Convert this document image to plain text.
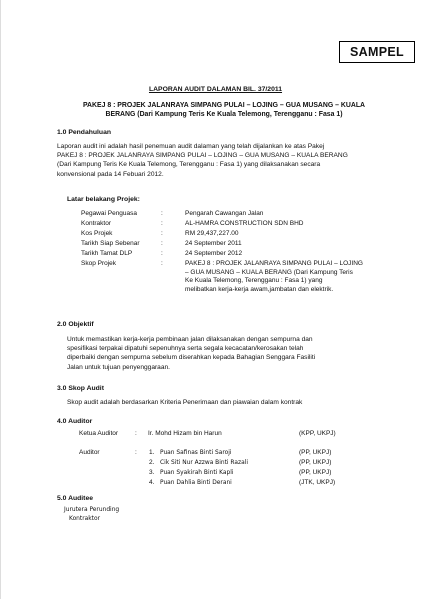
SAMPEL
LAPORAN AUDIT DALAMAN BIL. 37/2011
PAKEJ 8 : PROJEK JALANRAYA SIMPANG PULAI – LOJING – GUA MUSANG – KUALA
BERANG (Dari Kampung Teris Ke Kuala Telemong, Terengganu : Fasa 1)
1.0 Pendahuluan
Laporan audit ini adalah hasil penemuan audit dalaman yang telah dijalankan ke atas Pakej
PAKEJ 8 : PROJEK JALANRAYA SIMPANG PULAI – LOJING – GUA MUSANG – KUALA BERANG
(Dari Kampung Teris Ke Kuala Telemong, Terengganu : Fasa 1) yang dilaksanakan secara
konvensional pada 14 Febuari 2012.
Latar belakang Projek:
Pegawai Penguasa	:	Pengarah Cawangan Jalan
Kontraktor	:	AL-HAMRA CONSTRUCTION SDN BHD
Kos Projek	:	RM 29,437,227.00
Tarikh Siap Sebenar	:	24 September 2011
Tarikh Tamat DLP	:	24 September 2012
Skop Projek	:	PAKEJ 8 : PROJEK JALANRAYA SIMPANG PULAI – LOJING
– GUA MUSANG – KUALA BERANG (Dari Kampung Teris
Ke Kuala Telemong, Terengganu : Fasa 1) yang
melibatkan kerja-kerja awam,jambatan dan elektrik.
2.0 Objektif
Untuk memastikan kerja-kerja pembinaan jalan dilaksanakan dengan sempurna dan
spesifikasi terpakai dipatuhi sepenuhnya serta segala kecacatan/kerosakan telah
diperbaiki dengan sempurna sebelum diserahkan kepada Bahagian Senggara Fasiliti
Jalan untuk tujuan penyenggaraan.
3.0 Skop Audit
Skop audit adalah berdasarkan Kriteria Penerimaan dan piawaian dalam kontrak
4.0 Auditor
Ketua Auditor	: Ir. Mohd Hizam bin Harun	(KPP, UKPJ)
Auditor	: 1. Puan Safinas Binti Saroji	(PP, UKPJ)
2. Cik Siti Nur Azzwa Binti Razali	(PP, UKPJ)
3. Puan Syakirah Binti Kapli	(PP, UKPJ)
4. Puan Dahlia Binti Derani	(JTK, UKPJ)
5.0 Auditee
Jurutera Perunding
Kontraktor
